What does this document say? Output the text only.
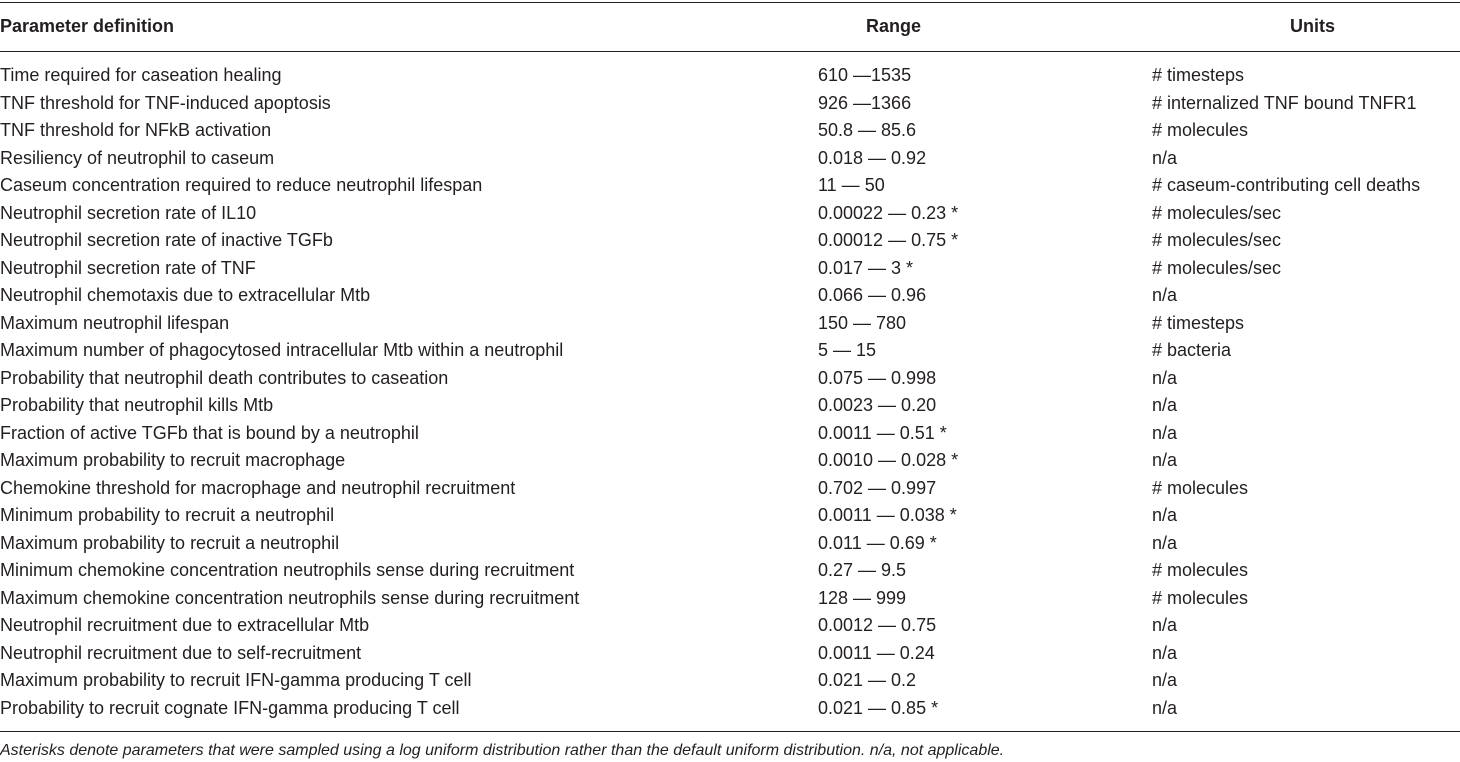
Parameter definition	Range	Units
Time required for caseation healing	610 —1535	# timesteps
TNF threshold for TNF-induced apoptosis	926 —1366	# internalized TNF bound TNFR1
TNF threshold for NFkB activation	50.8 — 85.6	# molecules
Resiliency of neutrophil to caseum	0.018 — 0.92	n/a
Caseum concentration required to reduce neutrophil lifespan	11 — 50	# caseum-contributing cell deaths
Neutrophil secretion rate of IL10	0.00022 — 0.23 *	# molecules/sec
Neutrophil secretion rate of inactive TGFb	0.00012 — 0.75 *	# molecules/sec
Neutrophil secretion rate of TNF	0.017 — 3 *	# molecules/sec
Neutrophil chemotaxis due to extracellular Mtb	0.066 — 0.96	n/a
Maximum neutrophil lifespan	150 — 780	# timesteps
Maximum number of phagocytosed intracellular Mtb within a neutrophil	5 — 15	# bacteria
Probability that neutrophil death contributes to caseation	0.075 — 0.998	n/a
Probability that neutrophil kills Mtb	0.0023 — 0.20	n/a
Fraction of active TGFb that is bound by a neutrophil	0.0011 — 0.51 *	n/a
Maximum probability to recruit macrophage	0.0010 — 0.028 *	n/a
Chemokine threshold for macrophage and neutrophil recruitment	0.702 — 0.997	# molecules
Minimum probability to recruit a neutrophil	0.0011 — 0.038 *	n/a
Maximum probability to recruit a neutrophil	0.011 — 0.69 *	n/a
Minimum chemokine concentration neutrophils sense during recruitment	0.27 — 9.5	# molecules
Maximum chemokine concentration neutrophils sense during recruitment	128 — 999	# molecules
Neutrophil recruitment due to extracellular Mtb	0.0012 — 0.75	n/a
Neutrophil recruitment due to self-recruitment	0.0011 — 0.24	n/a
Maximum probability to recruit IFN-gamma producing T cell	0.021 — 0.2	n/a
Probability to recruit cognate IFN-gamma producing T cell	0.021 — 0.85 *	n/a
Asterisks denote parameters that were sampled using a log uniform distribution rather than the default uniform distribution. n/a, not applicable.
